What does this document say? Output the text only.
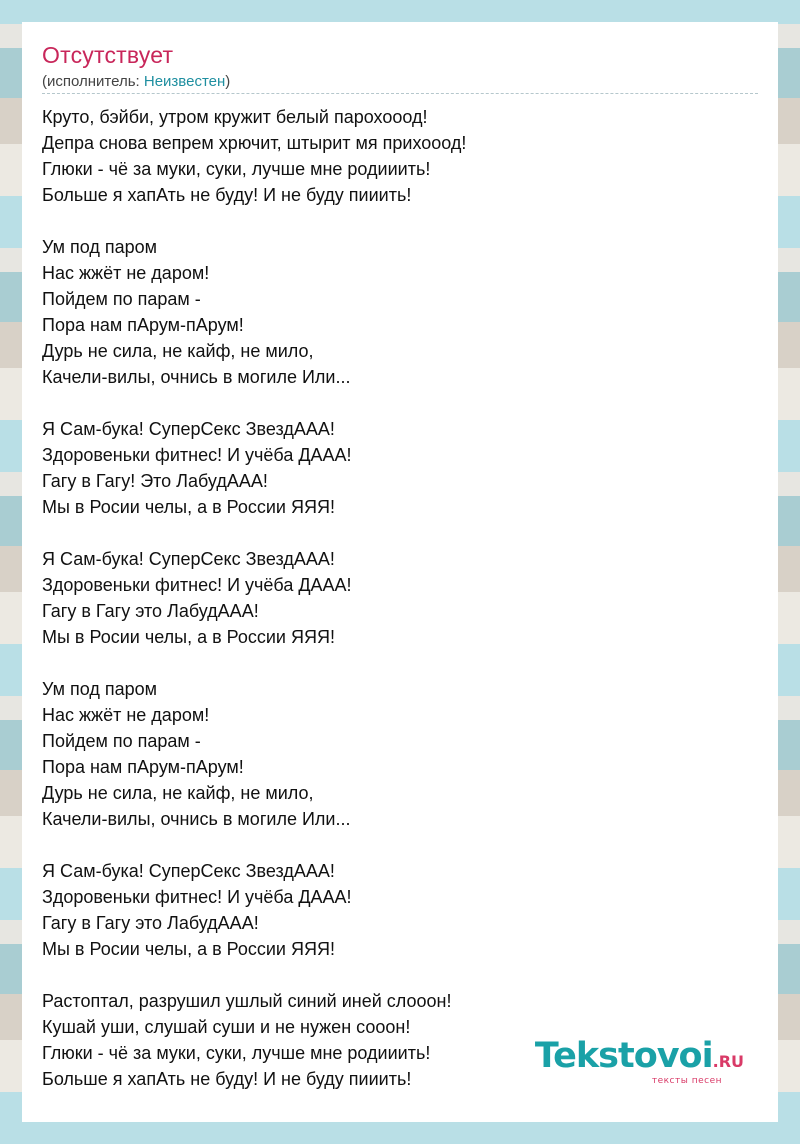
Отсутствует
(исполнитель: Неизвестен)
Круто, бэйби, утром кружит белый парохооод!
Депра снова вепрем хрючит, штырит мя прихооод!
Глюки - чё за муки, суки, лучше мне родииить!
Больше я хапАть не буду! И не буду пииить!
Ум под паром
Нас жжёт не даром!
Пойдем по парам -
Пора нам пАрум-пАрум!
Дурь не сила, не кайф, не мило,
Качели-вилы, очнись в могиле Или...
Я Сам-бука! СуперСекс ЗвездААА!
Здоровеньки фитнес! И учёба ДААА!
Гагу в Гагу! Это ЛабудААА!
Мы в Росии челы, а в России ЯЯЯ!
Я Сам-бука! СуперСекс ЗвездААА!
Здоровеньки фитнес! И учёба ДААА!
Гагу в Гагу это ЛабудААА!
Мы в Росии челы, а в России ЯЯЯ!
Ум под паром
Нас жжёт не даром!
Пойдем по парам -
Пора нам пАрум-пАрум!
Дурь не сила, не кайф, не мило,
Качели-вилы, очнись в могиле Или...
Я Сам-бука! СуперСекс ЗвездААА!
Здоровеньки фитнес! И учёба ДААА!
Гагу в Гагу это ЛабудААА!
Мы в Росии челы, а в России ЯЯЯ!
Растоптал, разрушил ушлый синий иней слооон!
Кушай уши, слушай суши и не нужен сооон!
Глюки - чё за муки, суки, лучше мне родииить!
Больше я хапАть не буду! И не буду пииить!
Tekstovoi.RU
тексты песен
